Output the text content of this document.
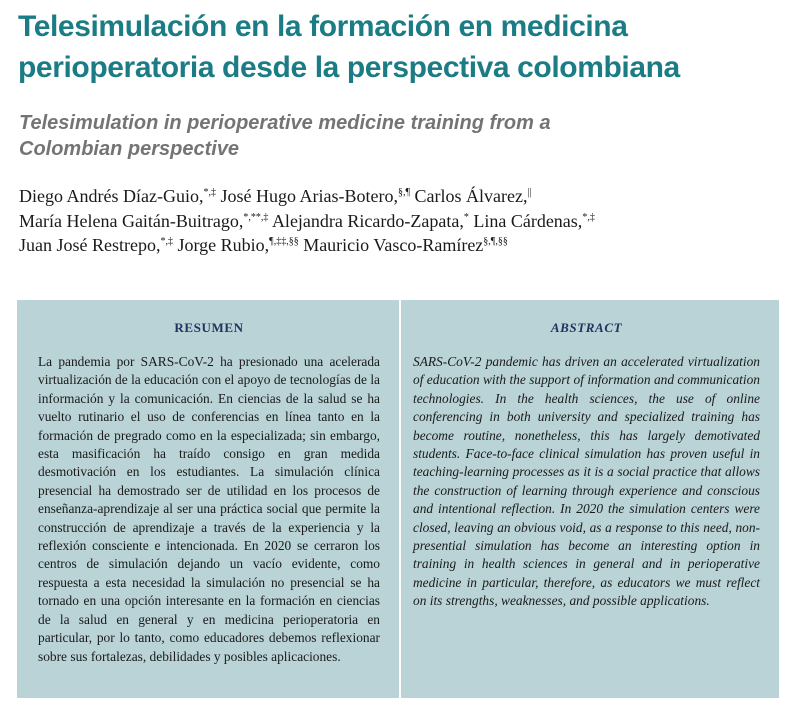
Telesimulación en la formación en medicina perioperatoria desde la perspectiva colombiana
Telesimulation in perioperative medicine training from a Colombian perspective
Diego Andrés Díaz-Guio,*,‡ José Hugo Arias-Botero,§,¶ Carlos Álvarez,||
María Helena Gaitán-Buitrago,*,**,‡ Alejandra Ricardo-Zapata,* Lina Cárdenas,*,‡
Juan José Restrepo,*,‡ Jorge Rubio,¶,‡‡,§§ Mauricio Vasco-Ramírez§,¶,§§
RESUMEN
La pandemia por SARS-CoV-2 ha presionado una acelerada virtualización de la educación con el apoyo de tecnologías de la información y la comunicación. En ciencias de la salud se ha vuelto rutinario el uso de conferencias en línea tanto en la formación de pregrado como en la especializada; sin embargo, esta masificación ha traído consigo en gran medida desmotivación en los estudiantes. La simulación clínica presencial ha demostrado ser de utilidad en los procesos de enseñanza-aprendizaje al ser una práctica social que permite la construcción de aprendizaje a través de la experiencia y la reflexión consciente e intencionada. En 2020 se cerraron los centros de simulación dejando un vacío evidente, como respuesta a esta necesidad la simulación no presencial se ha tornado en una opción interesante en la formación en ciencias de la salud en general y en medicina perioperatoria en particular, por lo tanto, como educadores debemos reflexionar sobre sus fortalezas, debilidades y posibles aplicaciones.
ABSTRACT
SARS-CoV-2 pandemic has driven an accelerated virtualization of education with the support of information and communication technologies. In the health sciences, the use of online conferencing in both university and specialized training has become routine, nonetheless, this has largely demotivated students. Face-to-face clinical simulation has proven useful in teaching-learning processes as it is a social practice that allows the construction of learning through experience and conscious and intentional reflection. In 2020 the simulation centers were closed, leaving an obvious void, as a response to this need, non-presential simulation has become an interesting option in training in health sciences in general and in perioperative medicine in particular, therefore, as educators we must reflect on its strengths, weaknesses, and possible applications.
